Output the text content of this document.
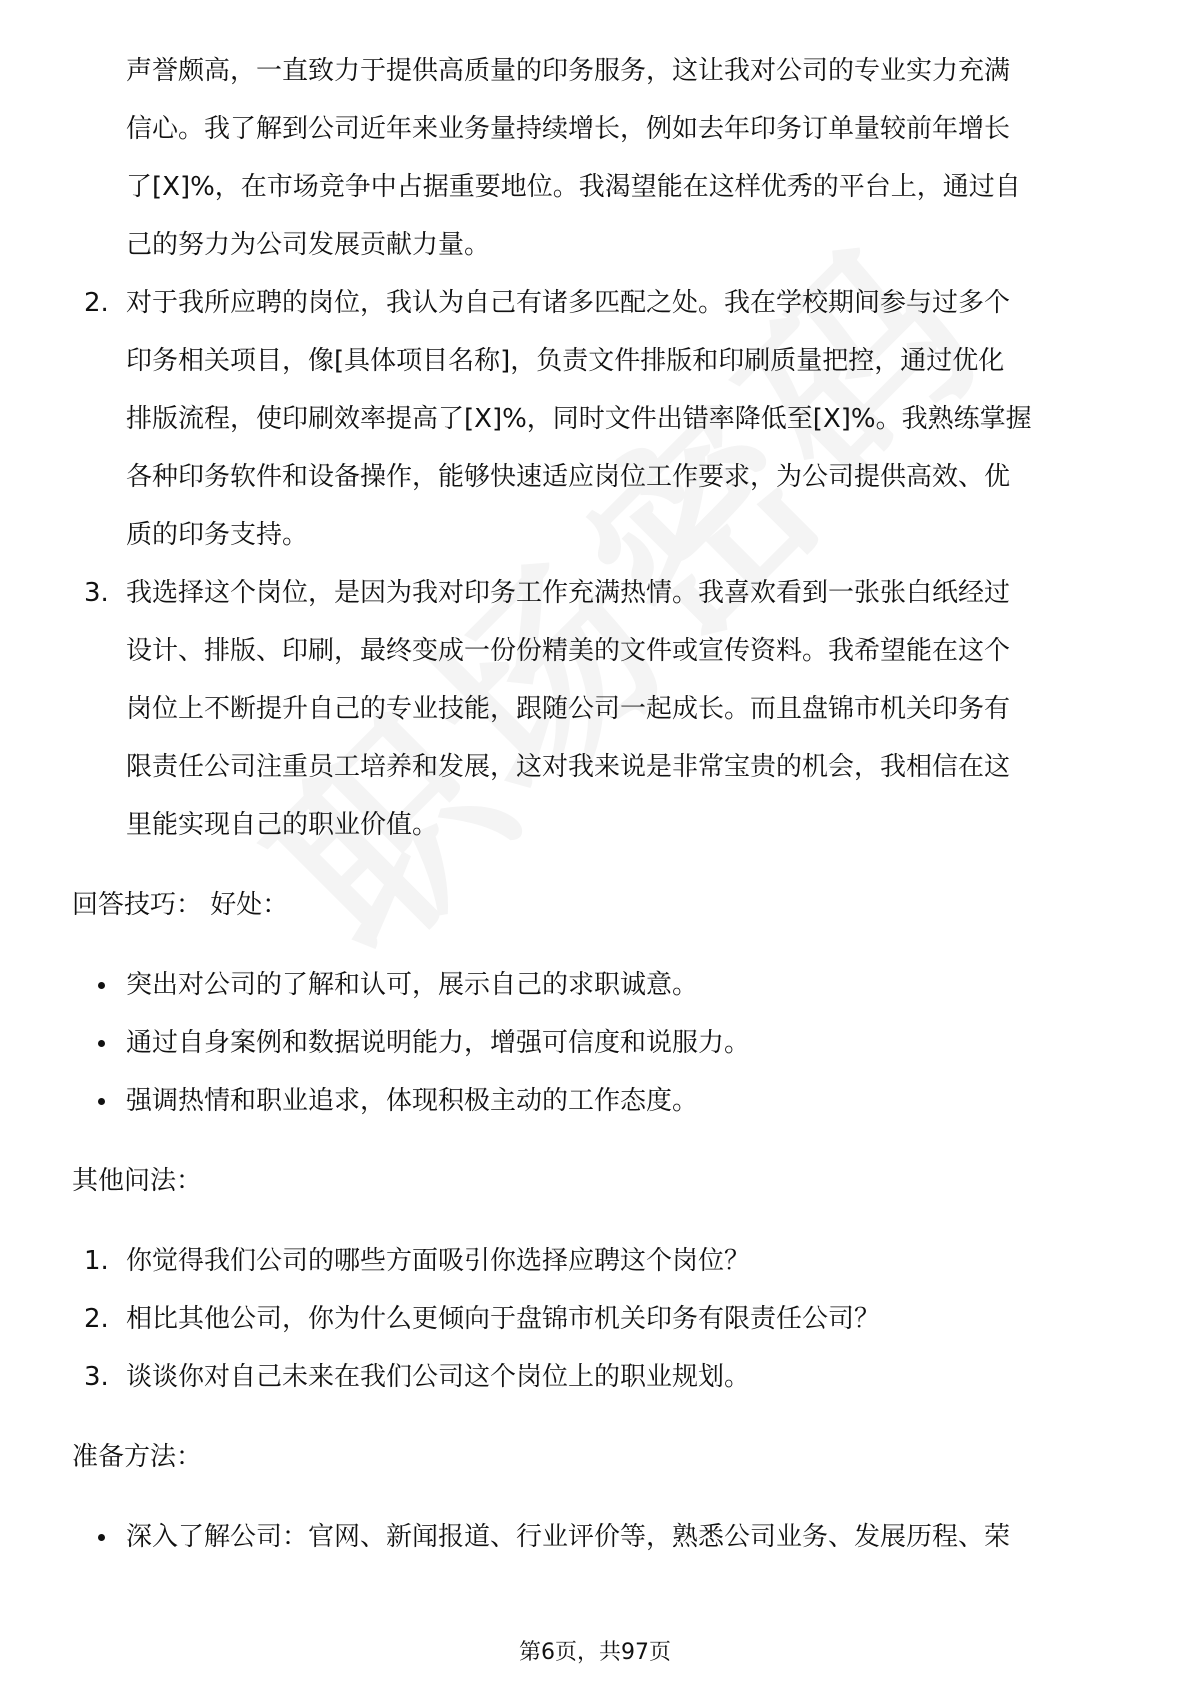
声誉颇高，一直致力于提供高质量的印务服务，这让我对公司的专业实力充满
信心。我了解到公司近年来业务量持续增长，例如去年印务订单量较前年增长
了[X]%，在市场竞争中占据重要地位。我渴望能在这样优秀的平台上，通过自
己的努力为公司发展贡献力量。
2. 对于我所应聘的岗位，我认为自己有诸多匹配之处。我在学校期间参与过多个
印务相关项目，像[具体项目名称]，负责文件排版和印刷质量把控，通过优化
排版流程，使印刷效率提高了[X]%，同时文件出错率降低至[X]%。我熟练掌握
各种印务软件和设备操作，能够快速适应岗位工作要求，为公司提供高效、优
质的印务支持。
3. 我选择这个岗位，是因为我对印务工作充满热情。我喜欢看到一张张白纸经过
设计、排版、印刷，最终变成一份份精美的文件或宣传资料。我希望能在这个
岗位上不断提升自己的专业技能，跟随公司一起成长。而且盘锦市机关印务有
限责任公司注重员工培养和发展，这对我来说是非常宝贵的机会，我相信在这
里能实现自己的职业价值。
回答技巧： 好处：
突出对公司的了解和认可，展示自己的求职诚意。
通过自身案例和数据说明能力，增强可信度和说服力。
强调热情和职业追求，体现积极主动的工作态度。
其他问法：
1. 你觉得我们公司的哪些方面吸引你选择应聘这个岗位？
2. 相比其他公司，你为什么更倾向于盘锦市机关印务有限责任公司？
3. 谈谈你对自己未来在我们公司这个岗位上的职业规划。
准备方法：
深入了解公司：官网、新闻报道、行业评价等，熟悉公司业务、发展历程、荣
第6页，共97页
